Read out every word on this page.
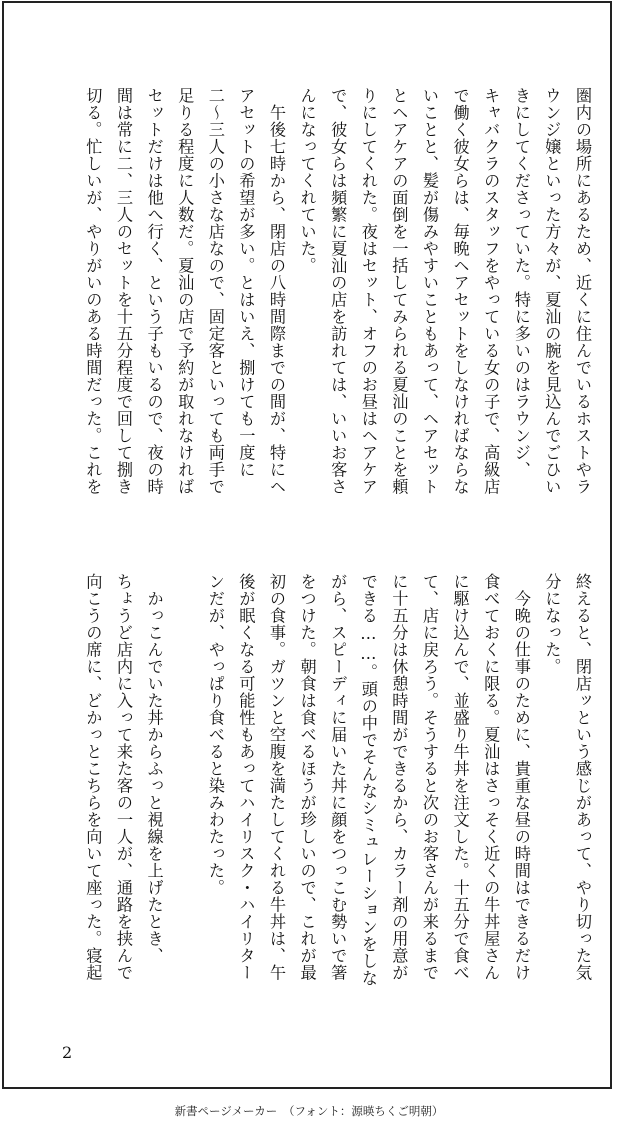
圏内の場所にあるため、近くに住んでいるホストやラ
ウンジ嬢といった方々が、夏汕の腕を見込んでごひい
きにしてくださっていた。特に多いのはラウンジ、
キャバクラのスタッフをやっている女の子で、高級店
で働く彼女らは、毎晩ヘアセットをしなければならな
いことと、髪が傷みやすいこともあって、ヘアセット
とヘアケアの面倒を一括してみられる夏汕のことを頼
りにしてくれた。夜はセット、オフのお昼はヘアケア
で、彼女らは頻繁に夏汕の店を訪れては、いいお客さ
んになってくれていた。
　午後七時から、閉店の八時間際までの間が、特にヘ
アセットの希望が多い。とはいえ、捌けても一度に
二〜三人の小さな店なので、固定客といっても両手で
足りる程度に人数だ。夏汕の店で予約が取れなければ
セットだけは他へ行く、という子もいるので、夜の時
間は常に二、三人のセットを十五分程度で回して捌き
切る。忙しいが、やりがいのある時間だった。これを
終えると、閉店ッという感じがあって、やり切った気
分になった。
　今晩の仕事のために、貴重な昼の時間はできるだけ
食べておくに限る。夏汕はさっそく近くの牛丼屋さん
に駆け込んで、並盛り牛丼を注文した。十五分で食べ
て、店に戻ろう。そうすると次のお客さんが来るまで
に十五分は休憩時間ができるから、カラー剤の用意が
できる……。頭の中でそんなシミュレーションをしな
がら、スピーディに届いた丼に顔をつっこむ勢いで箸
をつけた。朝食は食べるほうが珍しいので、これが最
初の食事。ガツンと空腹を満たしてくれる牛丼は、午
後が眠くなる可能性もあってハイリスク・ハイリター
ンだが、やっぱり食べると染みわたった。
　かっこんでいた丼からふっと視線を上げたとき、
ちょうど店内に入って来た客の一人が、通路を挟んで
向こうの席に、どかっとこちらを向いて座った。寝起
2
新書ページメーカー　（フォント：源暎ちくご明朝）
